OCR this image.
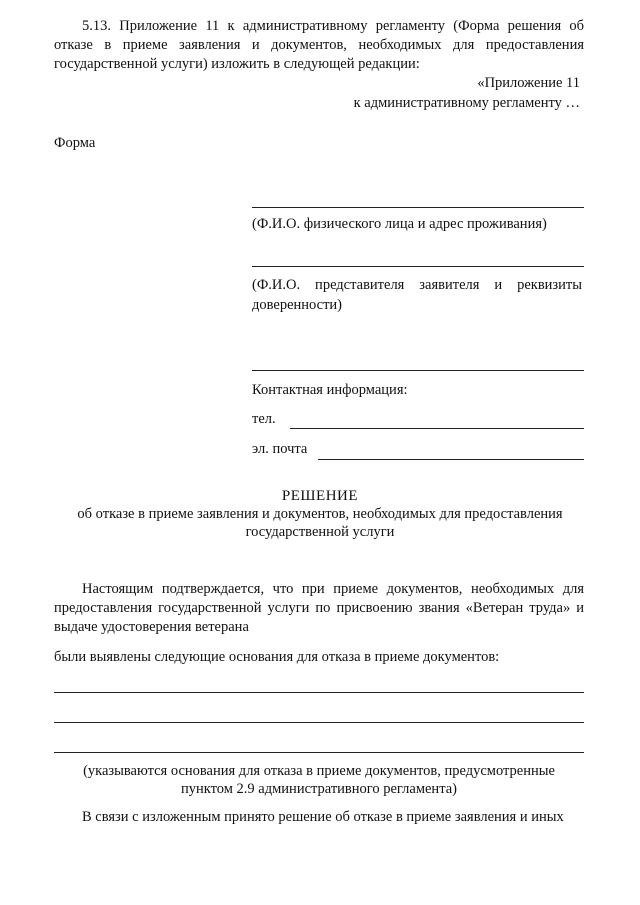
5.13. Приложение 11 к административному регламенту (Форма решения об отказе в приеме заявления и документов, необходимых для предоставления государственной услуги) изложить в следующей редакции:

«Приложение 11
к административному регламенту …
Форма
(Ф.И.О. физического лица и адрес проживания)

(Ф.И.О. представителя заявителя и реквизиты доверенности)

Контактная информация:
тел.
эл. почта
РЕШЕНИЕ
об отказе в приеме заявления и документов, необходимых для предоставления
государственной услуги

Настоящим подтверждается, что при приеме документов, необходимых для предоставления государственной услуги по присвоению звания «Ветеран труда» и выдаче удостоверения ветерана

были выявлены следующие основания для отказа в приеме документов:
(указываются основания для отказа в приеме документов, предусмотренные
пунктом 2.9 административного регламента)
В связи с изложенным принято решение об отказе в приеме заявления и иных
